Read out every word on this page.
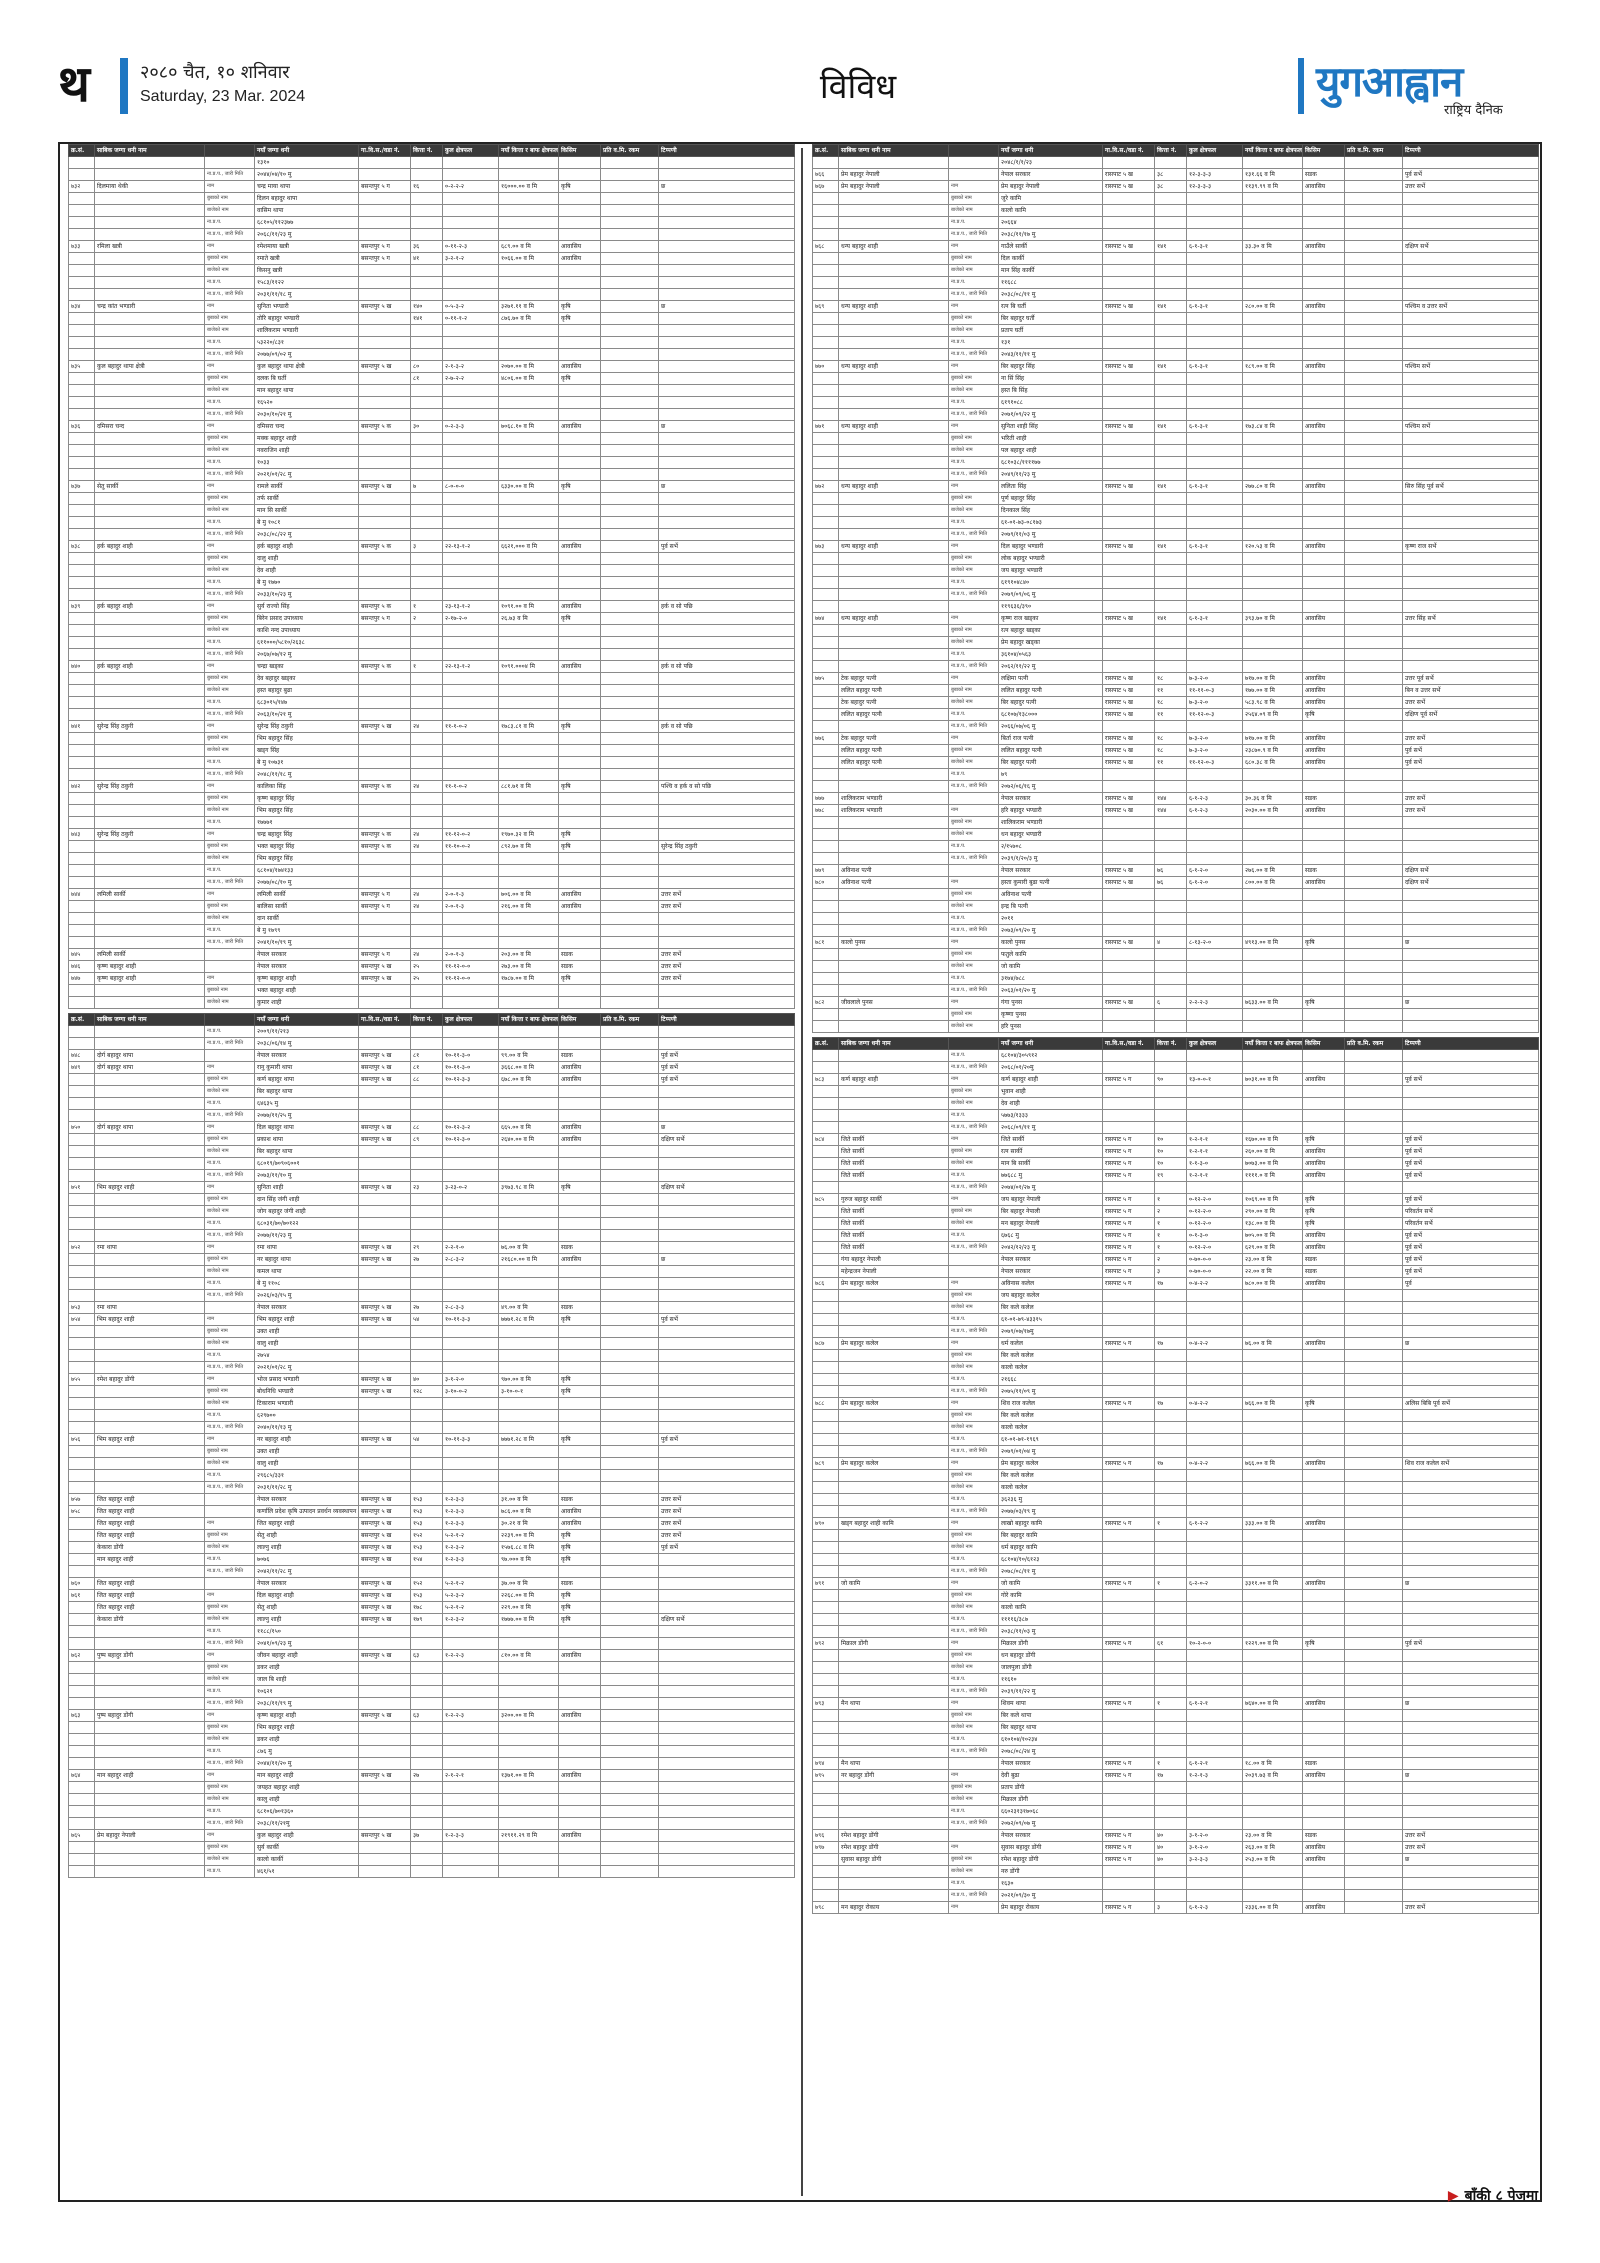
थ	२०८० चैत, १० शनिवार
Saturday, 23 Mar. 2024	विविध	युगआह्वान
राष्ट्रिय दैनिक
क्र.सं.	साबिक जग्गा धनी नाम		नयाँ जग्गा धनी	गा.वि.स./वडा नं.	कित्ता नं.	कुल क्षेत्रफल	नयाँ कित्ता र बाफ क्षेत्रफल	किसिम	प्रति व.मि. रकम	टिप्पणी
			१३१०							
		ना.प्र.प., जारी मिति	२०४४/०४/१० मु							
७३२	दिलमाया थेकी	नाम	चन्द्र माया थापा	बसन्तपुर ५ ग	१६	०-२-२-२	१६०००.०० व मि	कृषि		छ
		बुबाको नाम	दिलन बहादुर थापा							
		बाजेको नाम	वासिम थापा							
		ना.प्र.प.	६८१०५/११२३७७							
		ना.प्र.प., जारी मिति	२०६८/११/२३ मु							
७३३	रमिला खत्री	नाम	रमेशमाया खत्री	बसन्तपुर ५ ग	३६	०-११-२-३	६८९.०० व मि	आवासिय		
		बुबाको नाम	रमाते खत्री	बसन्तपुर ५ ग	४१	३-२-१-२	१०६६.०० व मि	आवासिय		
		बाजेको नाम	किसनु खत्री							
		ना.प्र.प.	१५८३/११२२							
		ना.प्र.प., जारी मिति	२०३१/११/१८ मु							
७३४	चन्द्र कांत भण्डारी	नाम	सुनिता भण्डारी	बसन्तपुर ५ ख	१४०	०-५-३-२	३२७१.११ व मि	कृषि		छ
		बुबाको नाम	तोरि बहादुर भण्डारी		१४१	०-११-१-२	८७६.७० व मि	कृषि		
		बाजेको नाम	शालिकराम भण्डारी							
		ना.प्र.प.	५३२२०/८३१							
		ना.प्र.प., जारी मिति	२०७७/०९/०२ मु							
७३५	कुल बहादुर थापा क्षेत्री	नाम	कुल बहादुर थापा क्षेत्री	बसन्तपुर ५ ख	८०	२-१-३-२	२०७०.०० व मि	आवासिय		
		बुबाको नाम	दलक बि घर्ती		८१	२-७-२-२	४८०६.०० व मि	कृषि		
		बाजेको नाम	मान बहादुर थापा							
		ना.प्र.प.	१६५२०							
		ना.प्र.प., जारी मिति	२०३०/१०/२१ मु							
७३६	दमिसरा चन्द	नाम	दमिसरा चन्द	बसन्तपुर ५ क	३०	०-२-३-३	७०६८.१० व मि	आवासिय		छ
		बुबाको नाम	मक्क बहादुर शाही							
		बाजेको नाम	नवराजिन शाही							
		ना.प्र.प.	१०३३							
		ना.प्र.प., जारी मिति	२०२१/०१/२८ मु							
७३७	सेतु सार्की	नाम	रामले सार्की	बसन्तपुर ५ ख	७	८-०-०-०	६३३०.०० व मि	कृषि		छ
		बुबाको नाम	तर्फ सार्की							
		बाजेको नाम	मान सि सार्की							
		ना.प्र.प.	बे मु १०८१							
		ना.प्र.प., जारी मिति	२०३८/०८/२२ मु							
७३८	हर्क बहादुर शाही	नाम	हर्क बहादुर शाही	बसन्तपुर ५ क	३	२२-१३-१-२	६६२१,००० व मि	आवासिय		पुर्व सर्भे
		बुबाको नाम	दालु शाही							
		बाजेको नाम	देव शाही							
		ना.प्र.प.	बे मु १७७०							
		ना.प्र.प., जारी मिति	२०३३/१०/२३ मु							
७३९	हर्क बहादुर शाही	नाम	सुर्य राज्यो सिंह	बसन्तपुर ५ क	१	२३-१३-१-२	१०९१.०० व मि	आवासिय		हर्क व सो पछि
		बुबाको नाम	बिरेन प्रसाद उपाध्याय	बसन्तपुर ५ ग	२	२-१७-२-०	२६.७३ व मि	कृषि		
		बाजेको नाम	काशि नन्द उपाध्याय							
		ना.प्र.प.	६११०००/५८१०/२६३८							
		ना.प्र.प., जारी मिति	२०६७/०७/१२ मु							
७४०	हर्क बहादुर शाही	नाम	चन्द्रा खड्का	बसन्तपुर ५ क	१	२२-१३-१-२	१०९१.०००४ मि	आवासिय		हर्क व सो पछि
		बुबाको नाम	देव बहादुर खड्का							
		बाजेको नाम	हस्त बहादुर बुढा							
		ना.प्र.प.	६८३०१५/१४७							
		ना.प्र.प., जारी मिति	२०६३/१०/२१ मु							
७४१	सुरेन्द्र सिंह ठकुरी	नाम	सुरेन्द्र सिंह ठकुरी	बसन्तपुर ५ ख	२४	११-१-०-२	१७८३.८१ व मि	कृषि		हर्क व सो पछि
		बुबाको नाम	भिम बहादुर सिंह							
		बाजेको नाम	खड्ग सिंह							
		ना.प्र.प.	बे मु १०७३१							
		ना.प्र.प., जारी मिति	२०४८/११/१८ मु							
७४२	सुरेन्द्र सिंह ठकुरी	नाम	कालिका सिंह	बसन्तपुर ५ क	२४	११-१-०-२	८८१.७१ व मि	कृषि		पश्चि व हर्क व सो पछि
		बुबाको नाम	कृष्ण बहादुर सिंह							
		बाजेको नाम	भिम बहादुर सिंह							
		ना.प्र.प.	१७७७१							
७४३	सुरेन्द्र सिंह ठकुरी	नाम	चन्द्र बहादुर सिंह	बसन्तपुर ५ क	२४	११-१२-०-२	१९७०.३२ व मि	कृषि		
		बुबाको नाम	भक्त बहादुर सिंह	बसन्तपुर ५ क	२४	११-१०-०-२	८९२.७० व मि	कृषि		सुरेन्द्र सिंह ठकुरी
		बाजेको नाम	भिम बहादुर सिंह							
		ना.प्र.प.	६८१०४/१७४१३३							
		ना.प्र.प., जारी मिति	२०७७/०८/१० मु							
७४४	लमिली सार्की	नाम	लमिली सार्की	बसन्तपुर ५ ग	२४	२-०-१-३	७०६.०० व मि	आवासिय		उत्तर सर्भे
		बुबाको नाम	बालिसा सार्की	बसन्तपुर ५ ग	२४	२-०-१-३	२१६.०० व मि	आवासिय		उत्तर सर्भे
		बाजेको नाम	दान सार्की							
		ना.प्र.प.	बे मु १७९९							
		ना.प्र.प., जारी मिति	२०४१/१०/१९ मु							
७४५	लमिली सार्की		नेपाल सरकार	बसन्तपुर ५ ग	२४	२-०-१-३	२०३.०० व मि	सडक		उत्तर सर्भे
७४६	कृष्ण बहादुर शाही		नेपाल सरकार	बसन्तपुर ५ ख	२५	११-१२-०-०	२७३.०० व मि	सडक		उत्तर सर्भे
७४७	कृष्ण बहादुर शाही	नाम	कृष्ण बहादुर शाही	बसन्तपुर ५ ख	२५	११-१२-०-०	१७८७.०० व मि	कृषि		उत्तर सर्भे
		बुबाको नाम	भक्त बहादुर शाही							
		बाजेको नाम	कुमार शाही							
क्र.सं.	साबिक जग्गा धनी नाम		नयाँ जग्गा धनी	गा.वि.स./वडा नं.	कित्ता नं.	कुल क्षेत्रफल	नयाँ कित्ता र बाफ क्षेत्रफल	किसिम	प्रति व.मि. रकम	टिप्पणी
		ना.प्र.प.	२००९/११/२१३							
		ना.प्र.प., जारी मिति	२०३८/०६/१४ मु							
७४८	दोर्ग बहादुर थापा		नेपाल सरकार	बसन्तपुर ५ ख	८१	१०-११-३-०	९९.०० व मि	सडक		पुर्व सर्भे
७४९	दोर्ग बहादुर थापा	नाम	रानु कुमारी थापा	बसन्तपुर ५ ख	८१	१०-११-३-०	३६६८.०० व मि	आवासिय		पुर्व सर्भे
		बुबाको नाम	कर्ण बहादुर थापा	बसन्तपुर ५ ख	८८	१०-१२-३-३	६७८.०० व मि	आवासिय		पुर्व सर्भे
		बाजेको नाम	बिर बहादुर थापा							
		ना.प्र.प.	६४६३५ मु							
		ना.प्र.प., जारी मिति	२०७७/११/२५ मु							
७५०	दोर्ग बहादुर थापा	नाम	दिल बहादुर थापा	बसन्तपुर ५ ख	८८	१०-१२-३-२	६६५.०० व मि	आवासिय		छ
		बुबाको नाम	प्रकाश थापा	बसन्तपुर ५ ख	८९	१०-१२-३-०	२६४०.०० व मि	आवासिय		दक्षिण सर्भे
		बाजेको नाम	बिर बहादुर थापा							
		ना.प्र.प.	६८०१९/७०९०६००१							
		ना.प्र.प., जारी मिति	२०७३/११/१० मु							
७५१	भिम बहादुर शाही	नाम	सुनिता शाही	बसन्तपुर ५ ख	२३	३-२३-०-२	३९७३.९८ व मि	कृषि		दक्षिण सर्भे
		बुबाको नाम	दान सिंह जंगी शाही							
		बाजेको नाम	जोग बहादुर जंगी शाही							
		ना.प्र.प.	६८०३१/७०/७०१२२							
		ना.प्र.प., जारी मिति	२०७७/११/२३ मु							
७५२	रमा थापा	नाम	रमा थापा	बसन्तपुर ५ ख	२९	२-२-१-०	७६.०० व मि	सडक		
		बुबाको नाम	नर बहादुर थापा	बसन्तपुर ५ ख	२७	२-८-३-२	२१६८०.०० व मि	आवासिय		छ
		बाजेको नाम	कमल थापा							
		ना.प्र.प.	बे मु ११०८							
		ना.प्र.प., जारी मिति	२०२६/०३/१५ मु							
७५३	रमा थापा		नेपाल सरकार	बसन्तपुर ५ ख	२७	२-८-३-३	४९.०० व मि	सडक		
७५४	भिम बहादुर शाही	नाम	भिम बहादुर शाही	बसन्तपुर ५ ख	५४	१०-११-३-३	७७७१.२८ व मि	कृषि		पुर्व सर्भे
		बुबाको नाम	उक्त शाही							
		बाजेको नाम	वालु शाही							
		ना.प्र.प.	२७५४							
		ना.प्र.प., जारी मिति	२०२१/०१/२८ मु							
७५५	रमेश बहादुर डोंगी	नाम	भोज प्रसाद भण्डारी	बसन्तपुर ५ ख	४०	३-१-२-०	९७०.०० व मि	कृषि		
		बुबाको नाम	बोधनिधि भण्डारी	बसन्तपुर ५ ख	१२८	३-१०-०-२	३-१०-०-१	कृषि		
		बाजेको नाम	टिकाराम भण्डारी							
		ना.प्र.प.	६२९७००							
		ना.प्र.प., जारी मिति	२०४०/११/१३ मु							
७५६	भिम बहादुर शाही	नाम	नर बहादुर शाही	बसन्तपुर ५ ख	५४	१०-११-३-३	७७७१.२८ व मि	कृषि		पुर्व सर्भे
		बुबाको नाम	उक्त शाही							
		बाजेको नाम	वालु शाही							
		ना.प्र.प.	२९६८५/३३१							
		ना.प्र.प., जारी मिति	२०३१/११/२८ मु							
७५७	जित बहादुर शाही		नेपाल सरकार	बसन्तपुर ५ ख	१५३	१-२-३-३	३१.०० व मि	सडक		उत्तर सर्भे
७५८	जित बहादुर शाही		कर्णालि प्रदेश कृषि उत्पादन प्रवर्धन व्यवस्थापन	बसन्तपुर ५ ख	१५३	१-२-३-३	७८६.०० व मि	आवासिय		उत्तर सर्भे
	जित बहादुर शाही	नाम	जित बहादुर शाही	बसन्तपुर ५ ख	१५३	१-२-३-३	३०.२१ व मि	आवासिय		उत्तर सर्भे
	जित बहादुर शाही	बुबाको नाम	सेतु शाही	बसन्तपुर ५ ख	१५२	५-२-१-२	२२३९.०० व मि	कृषि		उत्तर सर्भे
	केकारा डोंगी	बाजेको नाम	लाल्नु शाही	बसन्तपुर ५ ख	१५३	१-२-३-२	१५७६.८८ व मि	कृषि		पुर्व सर्भे
	मान बहादुर शाही	ना.प्र.प.	७०७६	बसन्तपुर ५ ख	१५४	१-२-३-३	९७.००० व मि	कृषि		
		ना.प्र.प., जारी मिति	२०४२/११/२८ मु							
७६०	जित बहादुर शाही		नेपाल सरकार	बसन्तपुर ५ ख	१५२	५-२-१-२	३७.०० व मि	सडक		
७६१	जित बहादुर शाही	नाम	दिल बहादुर शाही	बसन्तपुर ५ ख	१५३	५-२-३-२	२२६८.०० व मि	कृषि		
	जित बहादुर शाही	बुबाको नाम	सेतु शाही	बसन्तपुर ५ ख	१७८	५-२-१-२	२२९.०० व मि	कृषि		
	केकारा डोंगी	बाजेको नाम	लाल्नु शाही	बसन्तपुर ५ ख	१७९	१-२-३-२	१७७७.०० व मि	कृषि		दक्षिण सर्भे
		ना.प्र.प.	११८८/१५०							
		ना.प्र.प., जारी मिति	२०४१/०९/२३ मु							
७६२	पुष्प बहादुर डोंगी	नाम	जीवन बहादुर शाही	बसन्तपुर ५ ख	६३	१-२-२-३	८१०.०० व मि	आवासिय		
		बुबाको नाम	डकर शाही							
		बाजेको नाम	जाल बि शाही							
		ना.प्र.प.	१०६२१							
		ना.प्र.प., जारी मिति	२०३८/११/१९ मु							
७६३	पुष्प बहादुर डोंगी	नाम	कृष्ण बहादुर शाही	बसन्तपुर ५ ख	६३	१-२-२-३	३२००.०० व मि	आवासिय		
		बुबाको नाम	भिम बहादुर शाही							
		बाजेको नाम	डकर शाही							
		ना.प्र.प.	८७६ मु							
		ना.प्र.प., जारी मिति	२०४४/११/२० मु							
७६४	मान बहादुर शाही	नाम	मान बहादुर शाही	बसन्तपुर ५ ख	२७	२-१-२-१	१३७१.०० व मि	आवासिय		
		बुबाको नाम	जयहत बहादुर शाही							
		बाजेको नाम	कालु शाही							
		ना.प्र.प.	६८१०६/७०१३६०							
		ना.प्र.प., जारी मिति	२०३८/११/२१मु							
७६५	प्रेम बहादुर नेपाली	नाम	कुल बहादुर शाही	बसन्तपुर ५ ख	३७	१-२-३-३	२१९११.२९ व मि	आवासिय		
		बुबाको नाम	सुर्य कार्की							
		बाजेको नाम	कालो कार्की							
		ना.प्र.प.	४६१/५१							
क्र.सं.	साबिक जग्गा धनी नाम		नयाँ जग्गा धनी	गा.वि.स./वडा नं.	कित्ता नं.	कुल क्षेत्रफल	नयाँ कित्ता र बाफ क्षेत्रफल	किसिम	प्रति व.मि. रकम	टिप्पणी
			२०४८/१/१/२३							
७६६	प्रेम बहादुर नेपाली		नेपाल सरकार	रासपाट ५ ख	३८	१२-३-३-३	१३१.६६ व मि	सडक		पुर्व सर्भे
७६७	प्रेम बहादुर नेपाली	नाम	प्रेम बहादुर नेपाली	रासपाट ५ ख	३८	१२-३-३-३	११३९.९९ व मि	आवासिय		उत्तर सर्भे
		बुबाको नाम	जुरे कामि							
		बाजेको नाम	कालो कामि							
		ना.प्र.प.	२०६६४							
		ना.प्र.प., जारी मिति	२०३८/११/१७ मु							
७६८	धन्य बहादुर शाही	नाम	गाउँले सार्की	रासपाट ५ ख	१४१	६-१-३-१	३३.३० व मि	आवासिय		दक्षिण सर्भे
		बुबाको नाम	दिल कार्की							
		बाजेको नाम	मान सिंह कार्की							
		ना.प्र.प.	११६८८							
		ना.प्र.प., जारी मिति	२०३८/०८/११ मु							
७६९	धन्य बहादुर शाही	नाम	रत्न बि घर्ती	रासपाट ५ ख	१४१	६-१-३-१	२८०.०० व मि	आवासिय		पश्चिम व उत्तर सर्भे
		बुबाको नाम	बिर बहादुर घर्ती							
		बाजेको नाम	प्रताप घर्ती							
		ना.प्र.प.	१३१							
		ना.प्र.प., जारी मिति	२०४३/११/११ मु							
७७०	धन्य बहादुर शाही	नाम	बिर बहादुर सिंह	रासपाट ५ ख	१४१	६-१-३-१	१८९.०० व मि	आवासिय		पश्चिम सर्भे
		बुबाको नाम	ना सिं सिंह							
		बाजेको नाम	हस्त बि सिंह							
		ना.प्र.प.	६१९१०८८							
		ना.प्र.प., जारी मिति	२०७१/०९/२२ मु							
७७१	धन्य बहादुर शाही	नाम	सुनिता शाही सिंह	रासपाट ५ ख	१४१	६-१-३-१	१७३.८४ व मि	आवासिय		पश्चिम सर्भे
		बुबाको नाम	भरिती शाही							
		बाजेको नाम	पल बहादुर शाही							
		ना.प्र.प.	६८१०३८/११११७७							
		ना.प्र.प., जारी मिति	२०४९/११/२३ मु							
७७२	धन्य बहादुर शाही	नाम	ललिता सिंह	रासपाट ५ ख	१४१	६-१-३-१	२७७.८० व मि	आवासिय		सिरु सिंह पूर्व सर्भे
		बुबाको नाम	पूर्ण बहादुर सिंह							
		बाजेको नाम	दिनकाल सिंह							
		ना.प्र.प.	६१-०१-७३-०८१७३							
		ना.प्र.प., जारी मिति	२०७९/११/०३ मु							
७७३	धन्य बहादुर शाही	नाम	दिल बहादुर भण्डारी	रासपाट ५ ख	१४१	६-१-३-१	१२०.५३ व मि	आवासिय		कृष्ण राज सर्भे
		बुबाको नाम	लोक बहादुर भण्डारी							
		बाजेको नाम	जय बहादुर भण्डारी							
		ना.प्र.प.	६१९१०४८४०							
		ना.प्र.प., जारी मिति	२०७९/०९/०६ मु							
			११९६३६/३९०							
७७४	धन्य बहादुर शाही	नाम	कृष्ण राज खड्का	रासपाट ५ ख	१४१	६-१-३-१	३९३.७० व मि	आवासिय		उत्तर सिंह सर्भे
		बुबाको नाम	रत्न बहादुर खड्का							
		बाजेको नाम	प्रेम बहादुर खड्का							
		ना.प्र.प.	३६१०४/०५६३							
		ना.प्र.प., जारी मिति	२०६२/११/२२ मु							
७७५	टेक बहादुर पत्नी	नाम	लक्षिमा पत्नी	रासपाट ५ ख	१८	७-३-२-०	७१७.०० व मि	आवासिय		उत्तर पूर्व सर्भे
	ललित बहादुर पत्नी	बुबाको नाम	ललित बहादुर पत्नी	रासपाट ५ ख	११	११-११-०-३	१७७.०० व मि	आवासिय		बिन व उत्तर सर्भे
	टेक बहादुर पत्नी	बाजेको नाम	बिर बहादुर पत्नी	रासपाट ५ ख	१८	७-३-२-०	५८३.९८ व मि	आवासिय		उत्तर सर्भे
	ललित बहादुर पत्नी	ना.प्र.प.	६८१०७/१३८०००	रासपाट ५ ख	११	११-१२-०-३	२५६४.०९ व मि	कृषि		दक्षिण पूर्व सर्भे
		ना.प्र.प., जारी मिति	२०६६/०७/०६ मु							
७७६	टेक बहादुर पत्नी	नाम	बिर्ता राज पत्नी	रासपाट ५ ख	१८	७-३-२-०	७१७.०० व मि	आवासिय		उत्तर सर्भे
	ललित बहादुर पत्नी	बुबाको नाम	ललित बहादुर पत्नी	रासपाट ५ ख	१८	७-३-२-०	२३८७०.९ व मि	आवासिय		पुर्व सर्भे
	ललित बहादुर पत्नी	बाजेको नाम	बिर बहादुर पत्नी	रासपाट ५ ख	११	११-१२-०-३	६८०.३८ व मि	आवासिय		पुर्व सर्भे
		ना.प्र.प.	७९							
		ना.प्र.प., जारी मिति	२०७२/०६/१६ मु							
७७७	शालिकराम भण्डारी		नेपाल सरकार	रासपाट ५ ख	१४४	६-१-२-३	३०.३६ व मि	सडक		उत्तर सर्भे
७७८	शालिकराम भण्डारी	नाम	हरि बहादुर भण्डारी	रासपाट ५ ख	१४४	६-१-२-३	२०३०.०० व मि	आवासिय		उत्तर सर्भे
		बुबाको नाम	शालिकराम भण्डारी							
		बाजेको नाम	धन बहादुर भण्डारी							
		ना.प्र.प.	२/१५७०८							
		ना.प्र.प., जारी मिति	२०३९/१/२०/३ मु							
७७९	अविनाश पत्नी		नेपाल सरकार	रासपाट ५ ख	७६	६-१-२-०	२७६.०० व मि	सडक		दक्षिण सर्भे
७८०	अविनाश पत्नी	नाम	हस्ता कुमारी बुढा पत्नी	रासपाट ५ ख	७६	६-१-२-०	८००.०० व मि	आवासिय		दक्षिण सर्भे
		बुबाको नाम	अविनाश पत्नी							
		बाजेको नाम	इन्द्र बि पत्नी							
		ना.प्र.प.	२०११							
		ना.प्र.प., जारी मिति	२०७३/०९/२० मु							
७८१	कालो पुनस	नाम	कालो पुनस	रासपाट ५ ख	४	८-१३-२-०	४९१३.०० व मि	कृषि		छ
		बुबाको नाम	फतुले कामि							
		बाजेको नाम	जो कामि							
		ना.प्र.प.	३१७४/७८८							
		ना.प्र.प., जारी मिति	२०६३/०१/२० मु							
७८२	जीवलाले पुनस	नाम	गंगा पुनस	रासपाट ५ ख	६	२-२-२-३	७६३३.०० व मि	कृषि		छ
		बुबाको नाम	कृष्णा पुनस							
		बाजेको नाम	हरि पुनस							
क्र.सं.	साबिक जग्गा धनी नाम		नयाँ जग्गा धनी	गा.वि.स./वडा नं.	कित्ता नं.	कुल क्षेत्रफल	नयाँ कित्ता र बाफ क्षेत्रफल	किसिम	प्रति व.मि. रकम	टिप्पणी
		ना.प्र.प.	६८१०४/३०५९१२							
		ना.प्र.प., जारी मिति	२०६८/०१/२०मु							
७८३	कर्ण बहादुर शाही	नाम	कर्ण बहादुर शाही	रासपाट ५ ग	९०	१३-०-०-१	७०३१.०० व मि	आवासिय		पूर्व सर्भे
		बुबाको नाम	भुवान शाही							
		बाजेको नाम	देव शाही							
		ना.प्र.प.	५७७३/१३३३							
		ना.प्र.प., जारी मिति	२०६८/०९/११ मु							
७८४	जिते सार्की	नाम	जिते सार्की	रासपाट ५ ग	१०	१-२-१-१	१६७०.०० व मि	कृषि		पूर्व सर्भे
	जिते सार्की	बुबाको नाम	रत्न सार्की	रासपाट ५ ग	१०	१-२-१-१	२६०.०० व मि	आवासिय		पूर्व सर्भे
	जिते सार्की	बाजेको नाम	मान बि सार्की	रासपाट ५ ग	१०	१-१-३-०	७०७३.०० व मि	आवासिय		पूर्व सर्भे
	जिते सार्की	ना.प्र.प.	७७६८८ मु	रासपाट ५ ग	१९	१-२-१-१	११११.० व मि	आवासिय		पूर्व सर्भे
		ना.प्र.प., जारी मिति	२०७४/०१/२७ मु							
७८५	गुरुज बहादुर सार्की	नाम	जय बहादुर नेपाली	रासपाट ५ ग	१	०-१२-२-०	१०६९.०० व मि	कृषि		पूर्व सर्भे
	जिते सार्की	बुबाको नाम	बिर बहादुर नेपाली	रासपाट ५ ग	२	०-१२-२-०	२९०.०० व मि	कृषि		परिवर्तन सर्भे
	जिते सार्की	बाजेको नाम	मन बहादुर नेपाली	रासपाट ५ ग	१	०-१२-२-०	१३८.०० व मि	कृषि		परिवर्तन सर्भे
	जिते सार्की	ना.प्र.प.	६७६८ मु	रासपाट ५ ग	१	०-१-३-०	७०५.०० व मि	आवासिय		पूर्व सर्भे
	जिते सार्की	ना.प्र.प., जारी मिति	२०४२/१२/२३ मु	रासपाट ५ ग	१	०-१२-२-०	६२९.०० व मि	आवासिय		पूर्व सर्भे
	गंगा बहादुर नेपाली		नेपाल सरकार	रासपाट ५ ग	२	०-७०-०-०	२३.०० व मि	सडक		पूर्व सर्भे
	महेन्द्रजन नेपाली		नेपाल सरकार	रासपाट ५ ग	३	०-७०-०-०	२२.०० व मि	सडक		पूर्व सर्भे
७८६	प्रेम बहादुर कलेल	नाम	अविनास कलेल	रासपाट ५ ग	१७	०-४-२-२	७८०.०० व मि	आवासिय		पूर्व
		बुबाको नाम	जय बहादुर कलेल							
		बाजेको नाम	बिर कले कलेल							
		ना.प्र.प.	६१-०१-७९-४३३१५							
		ना.प्र.प., जारी मिति	२०७९/०७/१७मु							
७८७	प्रेम बहादुर कलेल	नाम	धर्म कलेल	रासपाट ५ ग	१७	०-४-२-२	७६.०० व मि	आवासिय		छ
		बुबाको नाम	बिर कले कलेल							
		बाजेको नाम	कालो कलेल							
		ना.प्र.प.	२१६६८							
		ना.प्र.प., जारी मिति	२०७५/११/०९ मु							
७८८	प्रेम बहादुर कलेल	नाम	शिव राज कलेल	रासपाट ५ ग	१७	०-४-२-२	७६६.०० व मि	कृषि		अलिस बिबि पूर्व सर्भे
		बुबाको नाम	बिर कले कलेल							
		बाजेको नाम	कालो कलेल							
		ना.प्र.प.	६१-०१-७१-१९६९							
		ना.प्र.प., जारी मिति	२०७९/०१/०४ मु							
७८९	प्रेम बहादुर कलेल	नाम	प्रेम बहादुर कलेल	रासपाट ५ ग	१७	०-४-२-२	७६६.०० व मि	आवासिय		शिव राज कलेल सर्भे
		बुबाको नाम	बिर कले कलेल							
		बाजेको नाम	कालो कलेल							
		ना.प्र.प.	३६२३६ मु							
		ना.प्र.प., जारी मिति	२०७७/०३/१९ मु							
७९०	खड्ग बहादुर शाही कामि	नाम	लाखो बहादुर कामि	रासपाट ५ ग	१	६-१-२-२	३३३.०० व मि	आवासिय		
		बुबाको नाम	बिर बहादुर कामि							
		बाजेको नाम	धर्म बहादुर कामि							
		ना.प्र.प.	६८१०४/१०/६१२३							
		ना.प्र.प., जारी मिति	२०७८/०८/११ मु							
७९१	जो कामि	नाम	जो कामि	रासपाट ५ ग	१	६-२-०-२	३३११.०० व मि	आवासिय		छ
		बुबाको नाम	गोरे कामि							
		बाजेको नाम	कालो कामि							
		ना.प्र.प.	११११६/३८७							
		ना.प्र.प., जारी मिति	२०३८/११/०३ मु							
७९२	मिक्राल डोंगी	नाम	मिक्राल डोंगी	रासपाट ५ ग	६१	१०-२-०-०	१२२९.०० व मि	कृषि		पुर्व सर्भे
		बुबाको नाम	धन बहादुर डोंगी							
		बाजेको नाम	जालपुला डोंगी							
		ना.प्र.प.	११६१०							
		ना.प्र.प., जारी मिति	२०३९/११/२२ मु							
७९३	मैन थापा	नाम	शिवम थापा	रासपाट ५ ग	१	६-१-२-१	७६४०.०० व मि	आवासिय		छ
		बुबाको नाम	बिर कले थापा							
		बाजेको नाम	बिर बहादुर थापा							
		ना.प्र.प.	६१०१०४/१०२३४							
		ना.प्र.प., जारी मिति	२०७८/०८/२४ मु							
७९४	मैन थापा		नेपाल सरकार	रासपाट ५ ग	१	६-१-२-१	१८.०० व मि	सडक		
७९५	नर बहादुर डोंगी	नाम	देवी बुढा	रासपाट ५ ग	१७	१-२-१-३	२०३९.७३ व मि	आवासिय		छ
		बुबाको नाम	प्रताप डोंगी							
		बाजेको नाम	मिक्राल डोंगी							
		ना.प्र.प.	६६०२३१३१७०६८							
		ना.प्र.प., जारी मिति	२०७२/०९/०७ मु							
७९६	रमेश बहादुर डोंगी		नेपाल सरकार	रासपाट ५ ग	४०	३-१-२-०	२३.०० व मि	सडक		उत्तर सर्भे
७९७	रमेश बहादुर डोंगी	नाम	सुवास बहादुर डोंगी	रासपाट ५ ग	४०	३-१-२-०	२६३.०० व मि	आवासिय		उत्तर सर्भे
	सुवास बहादुर डोंगी	बुबाको नाम	रमेश बहादुर डोंगी	रासपाट ५ ग	४०	३-२-३-३	२५३.०० व मि	आवासिय		छ
		बाजेको नाम	नरु डोंगी							
		ना.प्र.प.	१६३०							
		ना.प्र.प., जारी मिति	२०२१/०९/३० मु							
७९८	मन बहादुर रोकाय	नाम	प्रेम बहादुर रोकाय	रासपाट ५ ग	३	६-१-२-३	२३३६.०० व मि	आवासिय		उत्तर सर्भे
▶ बाँकी ८ पेजमा
